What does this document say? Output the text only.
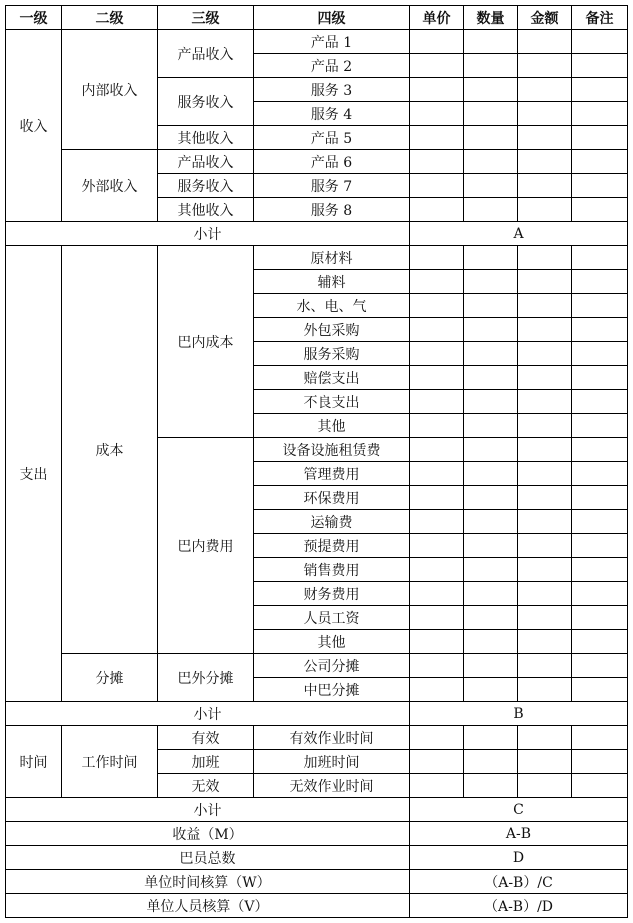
一级	二级	三级	四级	单价	数量	金额	备注
收入	内部收入	产品收入	产品 1				
			产品 2				
		服务收入	服务 3				
			服务 4				
		其他收入	产品 5				
	外部收入	产品收入	产品 6				
		服务收入	服务 7				
		其他收入	服务 8				
小计				A			
支出	成本	巴内成本	原材料				
			辅料				
			水、电、气				
			外包采购				
			服务采购				
			赔偿支出				
			不良支出				
			其他				
		巴内费用	设备设施租赁费				
			管理费用				
			环保费用				
			运输费				
			预提费用				
			销售费用				
			财务费用				
			人员工资				
			其他				
	分摊	巴外分摊	公司分摊				
			中巴分摊				
小计				B			
时间	工作时间	有效	有效作业时间				
		加班	加班时间				
		无效	无效作业时间				
小计				C			
收益（M）				A-B			
巴员总数				D			
单位时间核算（W）				（A-B）/C			
单位人员核算（V）				（A-B）/D			
